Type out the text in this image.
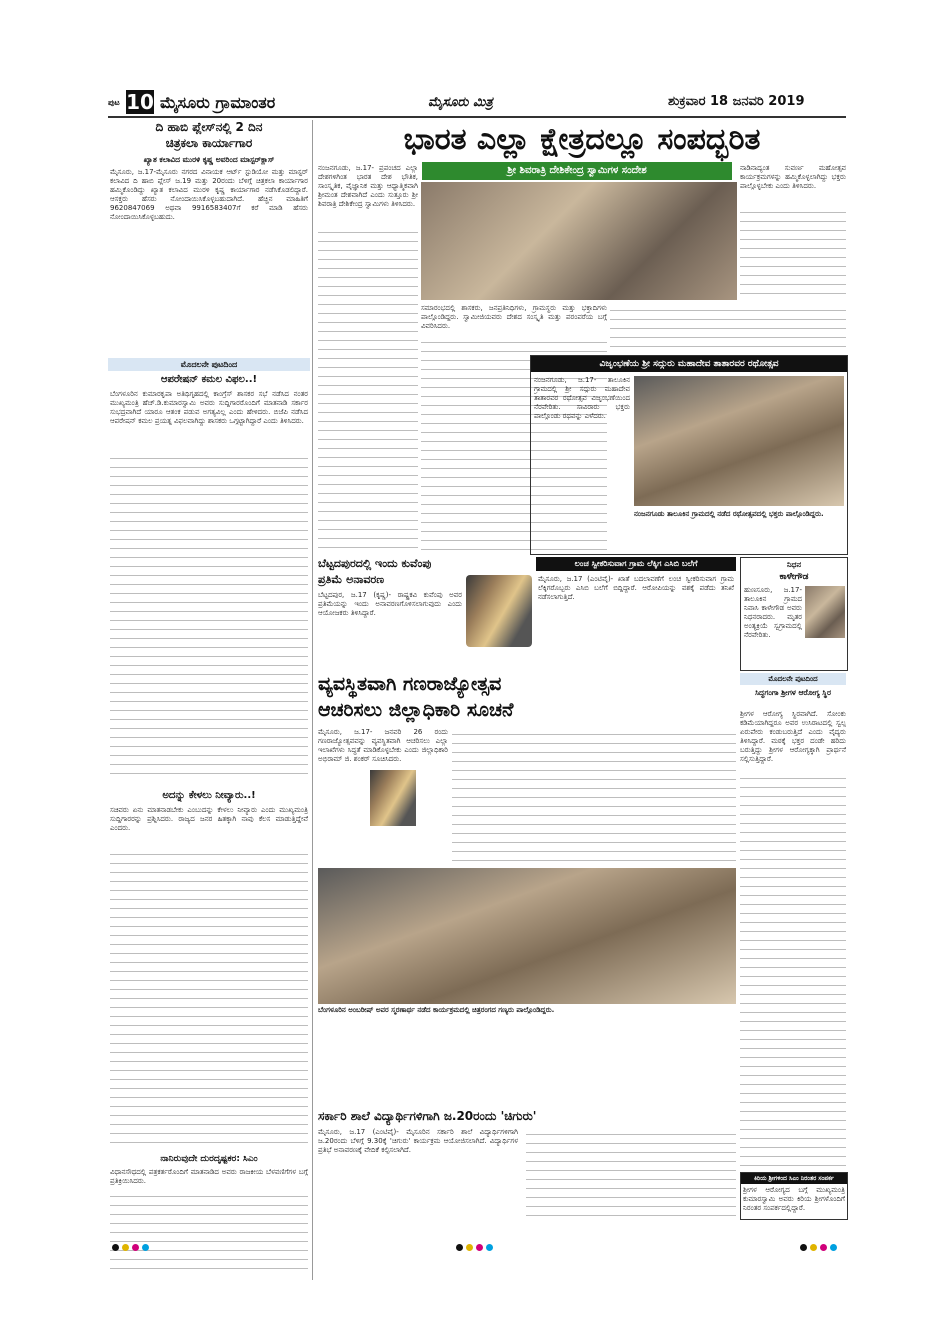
ಪುಟ 10 ಮೈಸೂರು ಗ್ರಾಮಾಂತರ	ಮೈಸೂರು ಮಿತ್ರ	ಶುಕ್ರವಾರ 18 ಜನವರಿ 2019
ದಿ ಹಾಬಿ ಪ್ಲೇಸ್‌ನಲ್ಲಿ 2 ದಿನ
ಚಿತ್ರಕಲಾ ಕಾರ್ಯಾಗಾರ
ಖ್ಯಾತ ಕಲಾವಿದ ಮುರಳಿ ಕೃಷ್ಣ ಅವರಿಂದ ಮಾಸ್ಟರ್‌ಕ್ಲಾಸ್
ಮೈಸೂರು, ಜ.17-ಮೈಸೂರು ನಗರದ ವಿನಾಯಕ ಆರ್ಟ್ ಸ್ಟುಡಿಯೋ ಮತ್ತು ಮಾಸ್ಟರ್ ಕಲಾವಿದ ದಿ ಹಾಬಿ ಪ್ಲೇಸ್ ಜ.19 ಮತ್ತು 20ರಂದು ಬೆಳಿಗ್ಗೆ ಚಿತ್ರಕಲಾ ಕಾರ್ಯಾಗಾರ ಹಮ್ಮಿಕೊಂಡಿದ್ದು ಖ್ಯಾತ ಕಲಾವಿದ ಮುರಳಿ ಕೃಷ್ಣ ಕಾರ್ಯಾಗಾರ ನಡೆಸಿಕೊಡಲಿದ್ದಾರೆ. ಆಸಕ್ತರು ಹೆಸರು ನೋಂದಾಯಿಸಿಕೊಳ್ಳಬಹುದಾಗಿದೆ. ಹೆಚ್ಚಿನ ಮಾಹಿತಿಗೆ 9620847069 ಅಥವಾ 9916583407ಗೆ ಕರೆ ಮಾಡಿ ಹೆಸರು ನೋಂದಾಯಿಸಿಕೊಳ್ಳಬಹುದು.
ಮೊದಲನೇ ಪುಟದಿಂದ
ಆಪರೇಷನ್ ಕಮಲ ವಿಫಲ..!
ಬೆಂಗಳೂರಿನ ಕುಮಾರಕೃಪಾ ಅತಿಥಿಗೃಹದಲ್ಲಿ ಕಾಂಗ್ರೆಸ್ ಶಾಸಕರ ಸಭೆ ನಡೆಸಿದ ನಂತರ ಮುಖ್ಯಮಂತ್ರಿ ಹೆಚ್.ಡಿ.ಕುಮಾರಸ್ವಾಮಿ ಅವರು ಸುದ್ದಿಗಾರರೊಂದಿಗೆ ಮಾತನಾಡಿ ಸರ್ಕಾರ ಸುಭದ್ರವಾಗಿದೆ ಯಾರೂ ಆತಂಕ ಪಡುವ ಅಗತ್ಯವಿಲ್ಲ ಎಂದು ಹೇಳಿದರು. ಬಿಜೆಪಿ ನಡೆಸಿದ ಆಪರೇಷನ್ ಕಮಲ ಪ್ರಯತ್ನ ವಿಫಲವಾಗಿದ್ದು ಶಾಸಕರು ಒಗ್ಗಟ್ಟಾಗಿದ್ದಾರೆ ಎಂದು ತಿಳಿಸಿದರು.
ಅದನ್ನು ಕೇಳಲು ನೀವ್ಯಾರು..!
ಸಚಿವರು ಏನು ಮಾತನಾಡಬೇಕು ಎಂಬುದನ್ನು ಕೇಳಲು ನೀವ್ಯಾರು ಎಂದು ಮುಖ್ಯಮಂತ್ರಿ ಸುದ್ದಿಗಾರರನ್ನು ಪ್ರಶ್ನಿಸಿದರು. ರಾಜ್ಯದ ಜನರ ಹಿತಕ್ಕಾಗಿ ನಾವು ಕೆಲಸ ಮಾಡುತ್ತಿದ್ದೇವೆ ಎಂದರು.
ನಾನಿರುವುದೇ ದುರದೃಷ್ಟಕರ: ಸಿಎಂ
ವಿಧಾನಸೌಧದಲ್ಲಿ ಪತ್ರಕರ್ತರೊಂದಿಗೆ ಮಾತನಾಡಿದ ಅವರು ರಾಜಕೀಯ ಬೆಳವಣಿಗೆಗಳ ಬಗ್ಗೆ ಪ್ರತಿಕ್ರಿಯಿಸಿದರು.
ಭಾರತ ಎಲ್ಲಾ ಕ್ಷೇತ್ರದಲ್ಲೂ ಸಂಪದ್ಭರಿತ
ಶ್ರೀ ಶಿವರಾತ್ರಿ ದೇಶಿಕೇಂದ್ರ ಸ್ವಾಮಿಗಳ ಸಂದೇಶ
ನಂಜನಗೂಡು, ಜ.17- ಪ್ರಪಂಚದ ಎಲ್ಲಾ ದೇಶಗಳಿಗಿಂತ ಭಾರತ ದೇಶ ಭೌತಿಕ, ಸಾಂಸ್ಕೃತಿಕ, ವೈಜ್ಞಾನಿಕ ಮತ್ತು ಆಧ್ಯಾತ್ಮಿಕವಾಗಿ ಶ್ರೀಮಂತ ದೇಶವಾಗಿದೆ ಎಂದು ಸುತ್ತೂರು ಶ್ರೀ ಶಿವರಾತ್ರಿ ದೇಶಿಕೇಂದ್ರ ಸ್ವಾಮಿಗಳು ತಿಳಿಸಿದರು.
ನಾಡಿನಾದ್ಯಂತ ಸುವರ್ಣ ಮಹೋತ್ಸವ ಕಾರ್ಯಕ್ರಮಗಳನ್ನು ಹಮ್ಮಿಕೊಳ್ಳಲಾಗಿದ್ದು ಭಕ್ತರು ಪಾಲ್ಗೊಳ್ಳಬೇಕು ಎಂದು ತಿಳಿಸಿದರು.
ಸಮಾರಂಭದಲ್ಲಿ ಶಾಸಕರು, ಜನಪ್ರತಿನಿಧಿಗಳು, ಗ್ರಾಮಸ್ಥರು ಮತ್ತು ಭಕ್ತಾದಿಗಳು ಪಾಲ್ಗೊಂಡಿದ್ದರು. ಸ್ವಾಮೀಜಿಯವರು ದೇಶದ ಸಂಸ್ಕೃತಿ ಮತ್ತು ಪರಂಪರೆಯ ಬಗ್ಗೆ ವಿವರಿಸಿದರು.
ವಿಜೃಂಭಣೆಯ ಶ್ರೀ ಸದ್ಗುರು ಮಹಾದೇವ ತಾತಾರವರ ರಥೋತ್ಸವ
ನಂಜನಗೂಡು, ಜ.17- ತಾಲೂಕಿನ ಗ್ರಾಮದಲ್ಲಿ ಶ್ರೀ ಸದ್ಗುರು ಮಹಾದೇವ ತಾತಾರವರ ರಥೋತ್ಸವ ವಿಜೃಂಭಣೆಯಿಂದ ನೆರವೇರಿತು. ಸಾವಿರಾರು ಭಕ್ತರು ಪಾಲ್ಗೊಂಡು ರಥವನ್ನು ಎಳೆದರು.
ನಂಜನಗೂಡು ತಾಲೂಕಿನ ಗ್ರಾಮದಲ್ಲಿ ನಡೆದ ರಥೋತ್ಸವದಲ್ಲಿ ಭಕ್ತರು ಪಾಲ್ಗೊಂಡಿದ್ದರು.
ಬೆಟ್ಟದಪುರದಲ್ಲಿ ಇಂದು ಕುವೆಂಪು
ಪ್ರತಿಮೆ ಅನಾವರಣ
ಬೆಟ್ಟದಪುರ, ಜ.17 (ಕೃಷ್ಣ)- ರಾಷ್ಟ್ರಕವಿ ಕುವೆಂಪು ಅವರ ಪ್ರತಿಮೆಯನ್ನು ಇಂದು ಅನಾವರಣಗೊಳಿಸಲಾಗುವುದು ಎಂದು ಆಯೋಜಕರು ತಿಳಿಸಿದ್ದಾರೆ.
ಲಂಚ ಸ್ವೀಕರಿಸುವಾಗ ಗ್ರಾಮ ಲೆಕ್ಕಿಗ ಎಸಿಬಿ ಬಲೆಗೆ
ಮೈಸೂರು, ಜ.17 (ಎಂಟಿವೈ)- ಖಾತೆ ಬದಲಾವಣೆಗೆ ಲಂಚ ಸ್ವೀಕರಿಸುವಾಗ ಗ್ರಾಮ ಲೆಕ್ಕಿಗರೊಬ್ಬರು ಎಸಿಬಿ ಬಲೆಗೆ ಬಿದ್ದಿದ್ದಾರೆ. ಆರೋಪಿಯನ್ನು ವಶಕ್ಕೆ ಪಡೆದು ತನಿಖೆ ನಡೆಸಲಾಗುತ್ತಿದೆ.
ನಿಧನ
ಕಾಳೇಗೌಡ
ಹುಣಸೂರು, ಜ.17- ತಾಲೂಕಿನ ಗ್ರಾಮದ ನಿವಾಸಿ ಕಾಳೇಗೌಡ ಅವರು ನಿಧನರಾದರು. ಮೃತರ ಅಂತ್ಯಕ್ರಿಯೆ ಸ್ವಗ್ರಾಮದಲ್ಲಿ ನೆರವೇರಿತು.
ವ್ಯವಸ್ಥಿತವಾಗಿ ಗಣರಾಜ್ಯೋತ್ಸವ
ಆಚರಿಸಲು ಜಿಲ್ಲಾಧಿಕಾರಿ ಸೂಚನೆ
ಮೈಸೂರು, ಜ.17- ಜನವರಿ 26 ರಂದು ಗಣರಾಜ್ಯೋತ್ಸವವನ್ನು ವ್ಯವಸ್ಥಿತವಾಗಿ ಆಚರಿಸಲು ಎಲ್ಲಾ ಇಲಾಖೆಗಳು ಸಿದ್ಧತೆ ಮಾಡಿಕೊಳ್ಳಬೇಕು ಎಂದು ಜಿಲ್ಲಾಧಿಕಾರಿ ಅಭಿರಾಮ್ ಜಿ. ಶಂಕರ್ ಸೂಚಿಸಿದರು.
ಬೆಂಗಳೂರಿನ ಅಂಬರೀಷ್ ಅವರ ಸ್ಮರಣಾರ್ಥ ನಡೆದ ಕಾರ್ಯಕ್ರಮದಲ್ಲಿ ಚಿತ್ರರಂಗದ ಗಣ್ಯರು ಪಾಲ್ಗೊಂಡಿದ್ದರು.
ಸರ್ಕಾರಿ ಶಾಲೆ ವಿದ್ಯಾರ್ಥಿಗಳಿಗಾಗಿ ಜ.20ರಂದು 'ಚಿಗುರು'
ಮೈಸೂರು, ಜ.17 (ಎಂಟಿವೈ)- ಮೈಸೂರಿನ ಸರ್ಕಾರಿ ಶಾಲೆ ವಿದ್ಯಾರ್ಥಿಗಳಿಗಾಗಿ ಜ.20ರಂದು ಬೆಳಿಗ್ಗೆ 9.30ಕ್ಕೆ 'ಚಿಗುರು' ಕಾರ್ಯಕ್ರಮ ಆಯೋಜಿಸಲಾಗಿದೆ. ವಿದ್ಯಾರ್ಥಿಗಳ ಪ್ರತಿಭೆ ಅನಾವರಣಕ್ಕೆ ವೇದಿಕೆ ಕಲ್ಪಿಸಲಾಗಿದೆ.
ಮೊದಲನೇ ಪುಟದಿಂದ
ಸಿದ್ಧಗಂಗಾ ಶ್ರೀಗಳ ಆರೋಗ್ಯ ಸ್ಥಿರ
ಶ್ರೀಗಳ ಆರೋಗ್ಯ ಸ್ಥಿರವಾಗಿದೆ. ಸೋಂಕು ಕಡಿಮೆಯಾಗಿದ್ದರೂ ಅವರ ಉಸಿರಾಟದಲ್ಲಿ ಸ್ವಲ್ಪ ಏರುಪೇರು ಕಂಡುಬರುತ್ತಿದೆ ಎಂದು ವೈದ್ಯರು ತಿಳಿಸಿದ್ದಾರೆ. ಮಠಕ್ಕೆ ಭಕ್ತರ ದಂಡೇ ಹರಿದು ಬರುತ್ತಿದ್ದು ಶ್ರೀಗಳ ಆರೋಗ್ಯಕ್ಕಾಗಿ ಪ್ರಾರ್ಥನೆ ಸಲ್ಲಿಸುತ್ತಿದ್ದಾರೆ.
ಕಿರಿಯ ಶ್ರೀಗಳಿಂದ ಸಿಎಂ ನಿರಂತರ ಸಂಪರ್ಕ
ಶ್ರೀಗಳ ಆರೋಗ್ಯದ ಬಗ್ಗೆ ಮುಖ್ಯಮಂತ್ರಿ ಕುಮಾರಸ್ವಾಮಿ ಅವರು ಕಿರಿಯ ಶ್ರೀಗಳೊಂದಿಗೆ ನಿರಂತರ ಸಂಪರ್ಕದಲ್ಲಿದ್ದಾರೆ.
